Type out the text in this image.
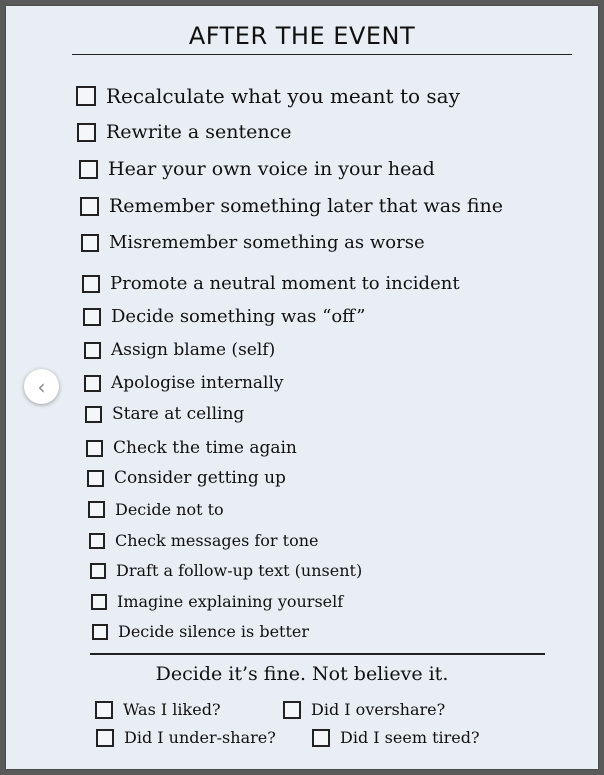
AFTER THE EVENT
Recalculate what you meant to say
Rewrite a sentence
Hear your own voice in your head
Remember something later that was fine
Misremember something as worse
Promote a neutral moment to incident
Decide something was “off”
Assign blame (self)
Apologise internally
Stare at celling
Check the time again
Consider getting up
Decide not to
Check messages for tone
Draft a follow-up text (unsent)
Imagine explaining yourself
Decide silence is better
Decide it’s fine. Not believe it.
Was I liked?	Did I overshare?
Did I under-share?	Did I seem tired?
‹
